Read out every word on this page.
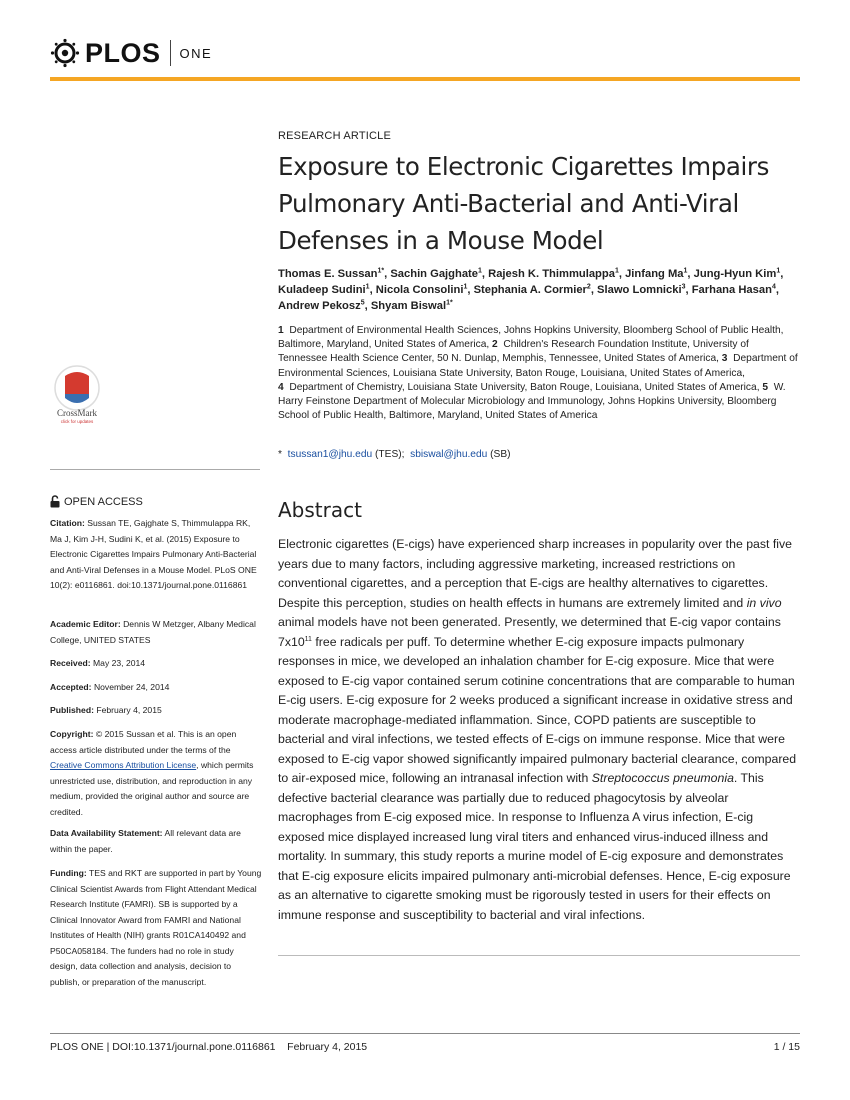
PLOS ONE
RESEARCH ARTICLE
Exposure to Electronic Cigarettes Impairs Pulmonary Anti-Bacterial and Anti-Viral Defenses in a Mouse Model
Thomas E. Sussan$^{1*}$, Sachin Gajghate$^1$, Rajesh K. Thimmulappa$^1$, Jinfang Ma$^1$, Jung-Hyun Kim$^1$, Kuladeep Sudini$^1$, Nicola Consolini$^1$, Stephania A. Cormier$^2$, Slawo Lomnicki$^3$, Farhana Hasan$^4$, Andrew Pekosz$^5$, Shyam Biswal$^{1*}$
1 Department of Environmental Health Sciences, Johns Hopkins University, Bloomberg School of Public Health, Baltimore, Maryland, United States of America, 2 Children's Research Foundation Institute, University of Tennessee Health Science Center, 50 N. Dunlap, Memphis, Tennessee, United States of America, 3 Department of Environmental Sciences, Louisiana State University, Baton Rouge, Louisiana, United States of America, 4 Department of Chemistry, Louisiana State University, Baton Rouge, Louisiana, United States of America, 5 W. Harry Feinstone Department of Molecular Microbiology and Immunology, Johns Hopkins University, Bloomberg School of Public Health, Baltimore, Maryland, United States of America
* tsussan1@jhu.edu (TES); sbiswal@jhu.edu (SB)
Abstract
Electronic cigarettes (E-cigs) have experienced sharp increases in popularity over the past five years due to many factors, including aggressive marketing, increased restrictions on conventional cigarettes, and a perception that E-cigs are healthy alternatives to cigarettes. Despite this perception, studies on health effects in humans are extremely limited and in vivo animal models have not been generated. Presently, we determined that E-cig vapor contains $7x10^{11}$ free radicals per puff. To determine whether E-cig exposure impacts pulmonary responses in mice, we developed an inhalation chamber for E-cig exposure. Mice that were exposed to E-cig vapor contained serum cotinine concentrations that are comparable to human E-cig users. E-cig exposure for 2 weeks produced a significant increase in oxidative stress and moderate macrophage-mediated inflammation. Since, COPD patients are susceptible to bacterial and viral infections, we tested effects of E-cigs on immune response. Mice that were exposed to E-cig vapor showed significantly impaired pulmonary bacterial clearance, compared to air-exposed mice, following an intranasal infection with Streptococcus pneumonia. This defective bacterial clearance was partially due to reduced phagocytosis by alveolar macrophages from E-cig exposed mice. In response to Influenza A virus infection, E-cig exposed mice displayed increased lung viral titers and enhanced virus-induced illness and mortality. In summary, this study reports a murine model of E-cig exposure and demonstrates that E-cig exposure elicits impaired pulmonary anti-microbial defenses. Hence, E-cig exposure as an alternative to cigarette smoking must be rigorously tested in users for their effects on immune response and susceptibility to bacterial and viral infections.
CrossMark
click for updates
OPEN ACCESS
Citation: Sussan TE, Gajghate S, Thimmulappa RK, Ma J, Kim J-H, Sudini K, et al. (2015) Exposure to Electronic Cigarettes Impairs Pulmonary Anti-Bacterial and Anti-Viral Defenses in a Mouse Model. PLoS ONE 10(2): e0116861. doi:10.1371/journal.pone.0116861
Academic Editor: Dennis W Metzger, Albany Medical College, UNITED STATES
Received: May 23, 2014
Accepted: November 24, 2014
Published: February 4, 2015
Copyright: © 2015 Sussan et al. This is an open access article distributed under the terms of the Creative Commons Attribution License, which permits unrestricted use, distribution, and reproduction in any medium, provided the original author and source are credited.
Data Availability Statement: All relevant data are within the paper.
Funding: TES and RKT are supported in part by Young Clinical Scientist Awards from Flight Attendant Medical Research Institute (FAMRI). SB is supported by a Clinical Innovator Award from FAMRI and National Institutes of Health (NIH) grants R01CA140492 and P50CA058184. The funders had no role in study design, data collection and analysis, decision to publish, or preparation of the manuscript.
PLOS ONE | DOI:10.1371/journal.pone.0116861    February 4, 2015	1 / 15
